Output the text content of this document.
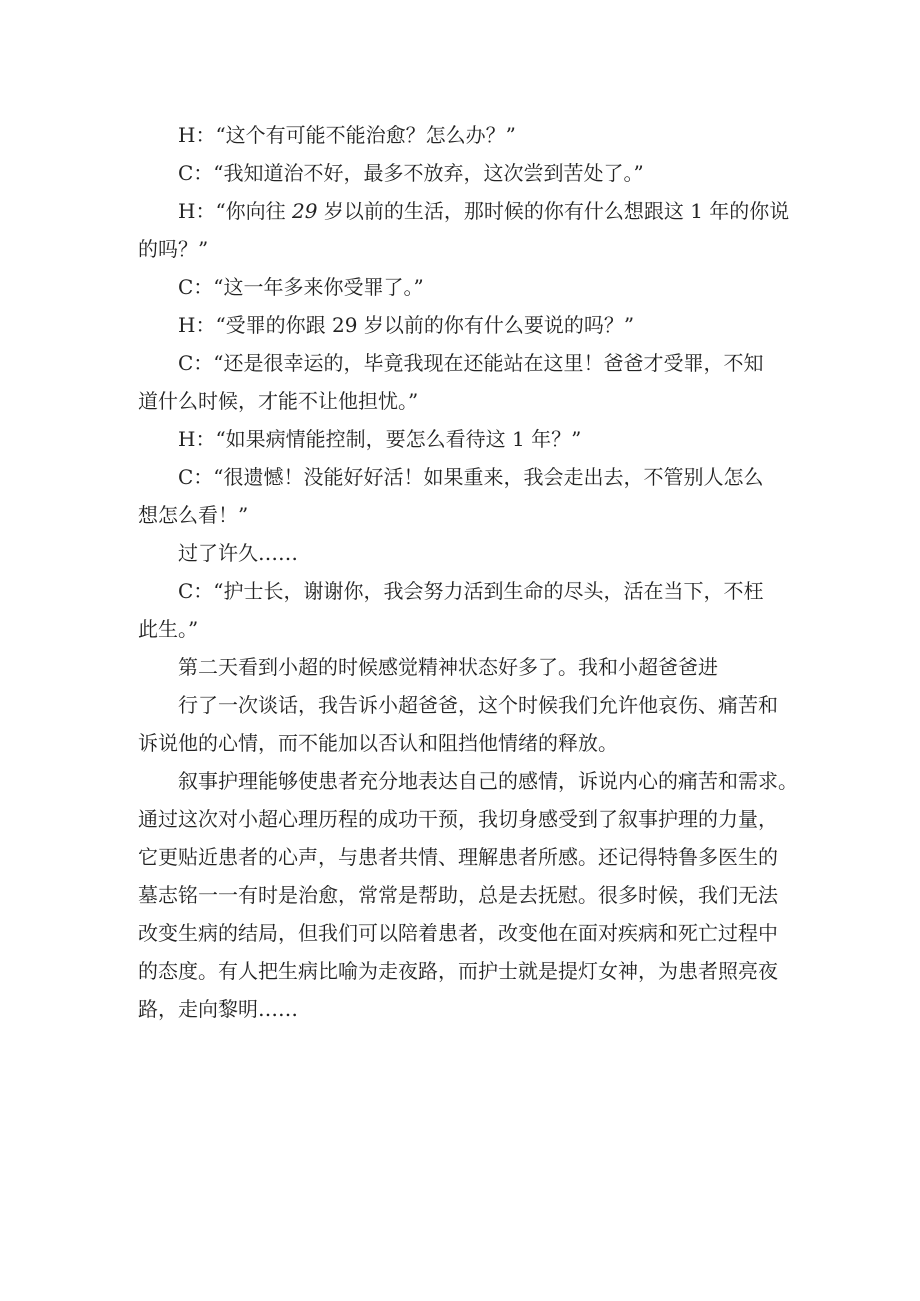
H：“这个有可能不能治愈？怎么办？”
C：“我知道治不好，最多不放弃，这次尝到苦处了。”
H：“你向往 29 岁以前的生活，那时候的你有什么想跟这 1 年的你说
的吗？”
C：“这一年多来你受罪了。”
H：“受罪的你跟 29 岁以前的你有什么要说的吗？”
C：“还是很幸运的，毕竟我现在还能站在这里！爸爸才受罪，不知
道什么时候，才能不让他担忧。”
H：“如果病情能控制，要怎么看待这 1 年？”
C：“很遗憾！没能好好活！如果重来，我会走出去，不管别人怎么
想怎么看！”
过了许久……
C：“护士长，谢谢你，我会努力活到生命的尽头，活在当下，不枉
此生。”
第二天看到小超的时候感觉精神状态好多了。我和小超爸爸进
行了一次谈话，我告诉小超爸爸，这个时候我们允许他哀伤、痛苦和
诉说他的心情，而不能加以否认和阻挡他情绪的释放。
叙事护理能够使患者充分地表达自己的感情，诉说内心的痛苦和需求。
通过这次对小超心理历程的成功干预，我切身感受到了叙事护理的力量，
它更贴近患者的心声，与患者共情、理解患者所感。还记得特鲁多医生的
墓志铭一一有时是治愈，常常是帮助，总是去抚慰。很多时候，我们无法
改变生病的结局，但我们可以陪着患者，改变他在面对疾病和死亡过程中
的态度。有人把生病比喻为走夜路，而护士就是提灯女神，为患者照亮夜
路，走向黎明……
